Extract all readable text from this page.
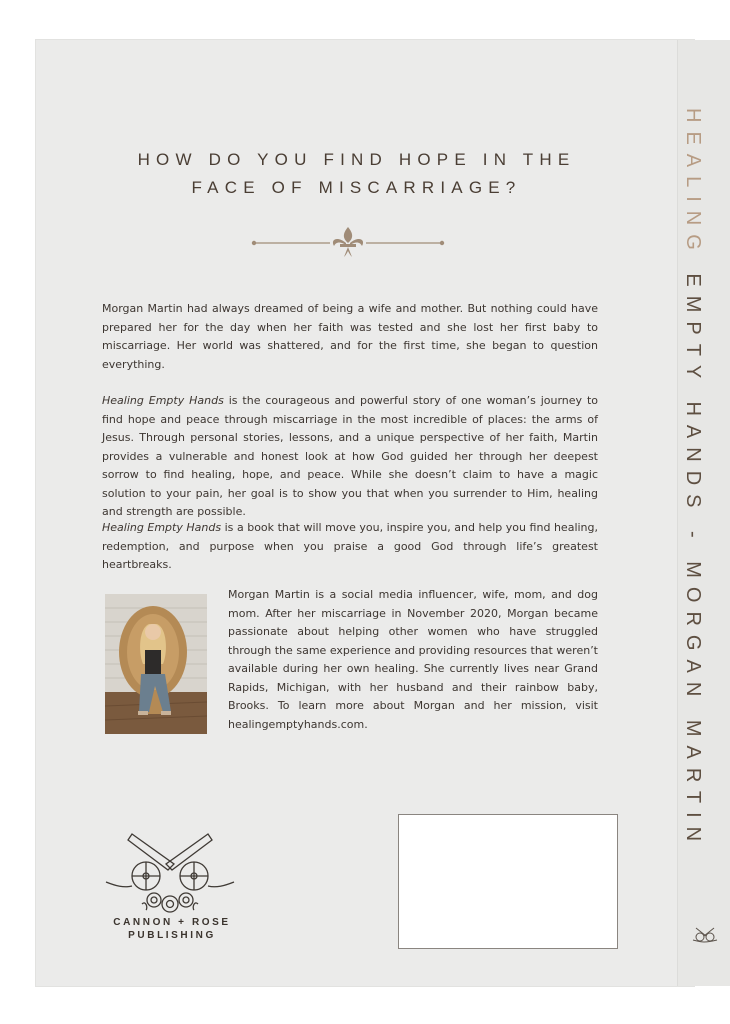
HOW DO YOU FIND HOPE IN THE
FACE OF MISCARRIAGE?

Morgan Martin had always dreamed of being a wife and mother. But nothing could have prepared her for the day when her faith was tested and she lost her first baby to miscarriage. Her world was shattered, and for the first time, she began to question everything.

Healing Empty Hands is the courageous and powerful story of one woman’s journey to find hope and peace through miscarriage in the most incredible of places: the arms of Jesus. Through personal stories, lessons, and a unique perspective of her faith, Martin provides a vulnerable and honest look at how God guided her through her deepest sorrow to find healing, hope, and peace. While she doesn’t claim to have a magic solution to your pain, her goal is to show you that when you surrender to Him, healing and strength are possible.

Healing Empty Hands is a book that will move you, inspire you, and help you find healing, redemption, and purpose when you praise a good God through life’s greatest heartbreaks.

Morgan Martin is a social media influencer, wife, mom, and dog mom. After her miscarriage in November 2020, Morgan became passionate about helping other women who have struggled through the same experience and providing resources that weren’t available during her own healing. She currently lives near Grand Rapids, Michigan, with her husband and their rainbow baby, Brooks. To learn more about Morgan and her mission, visit healingemptyhands.com.

CANNON + ROSE
PUBLISHING
HEALING EMPTY HANDS - MORGAN MARTIN
